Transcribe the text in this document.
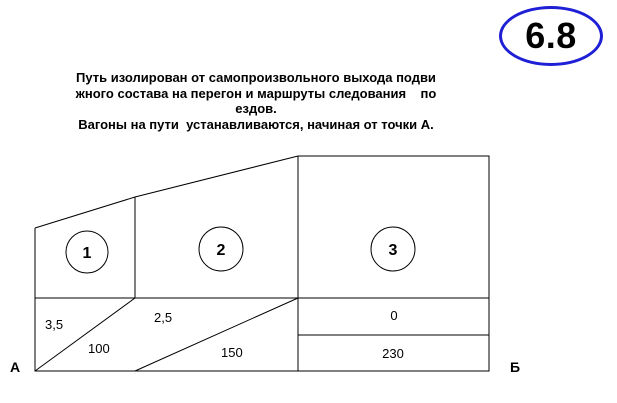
6.8
Путь изолирован от самопроизвольного выхода подви
жного состава на перегон и маршруты следования    по
ездов.
Вагоны на пути  устанавливаются, начиная от точки А.
1	2	3
3,5	2,5	0
100	150	230
А	Б
